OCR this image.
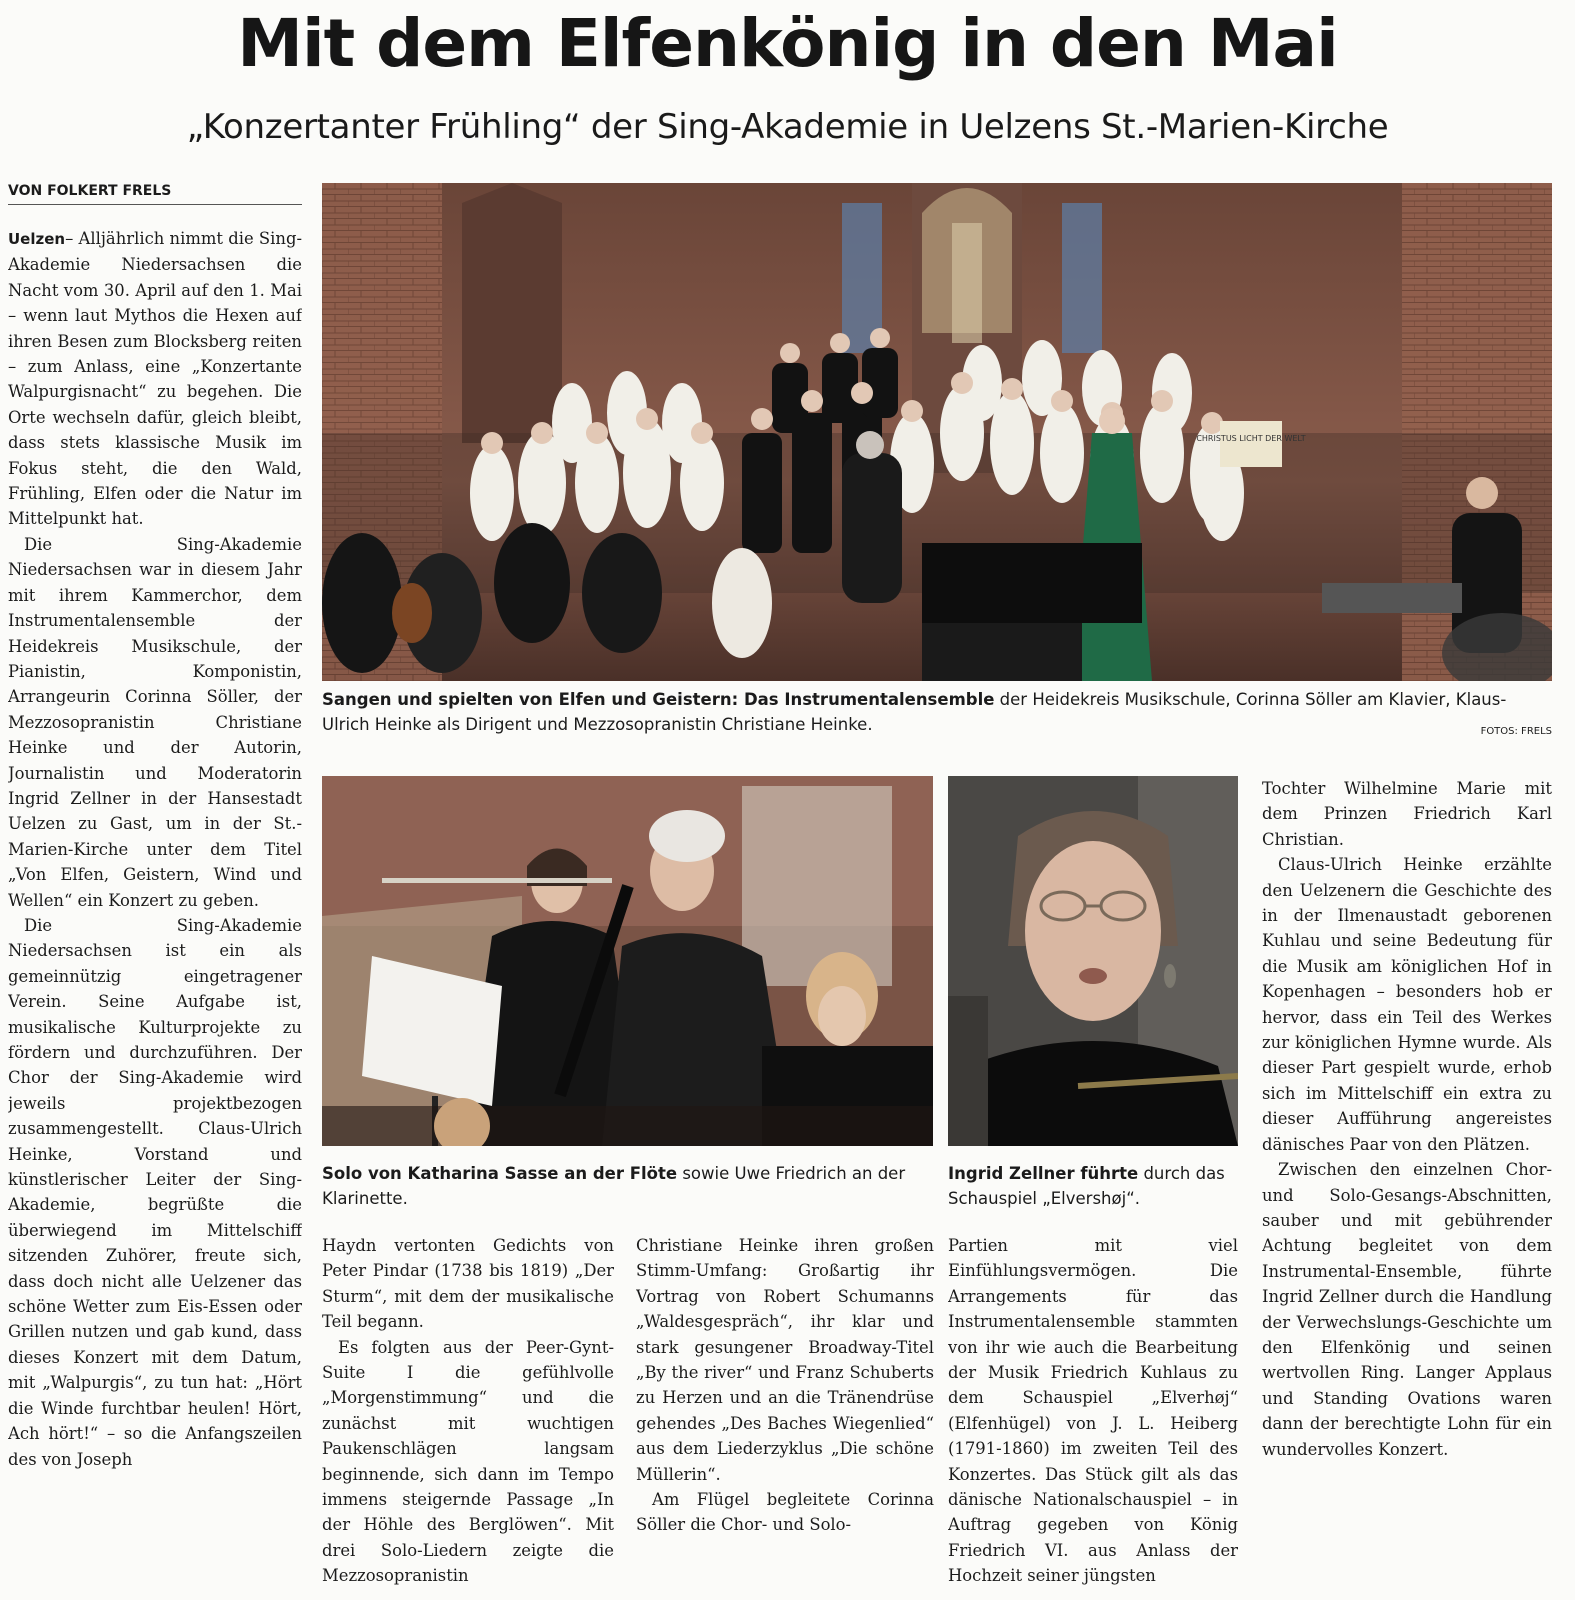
Mit dem Elfenkönig in den Mai
„Konzertanter Frühling“ der Sing-Akademie in Uelzens St.-Marien-Kirche
VON FOLKERT FRELS

Uelzen– Alljährlich nimmt die Sing-Akademie Niedersachsen die Nacht vom 30. April auf den 1. Mai – wenn laut Mythos die Hexen auf ihren Besen zum Blocksberg reiten – zum Anlass, eine „Konzertante Walpurgisnacht“ zu begehen. Die Orte wechseln dafür, gleich bleibt, dass stets klassische Musik im Fokus steht, die den Wald, Frühling, Elfen oder die Natur im Mittelpunkt hat.

Die Sing-Akademie Niedersachsen war in diesem Jahr mit ihrem Kammerchor, dem Instrumentalensemble der Heidekreis Musikschule, der Pianistin, Komponistin, Arrangeurin Corinna Söller, der Mezzosopranistin Christiane Heinke und der Autorin, Journalistin und Moderatorin Ingrid Zellner in der Hansestadt Uelzen zu Gast, um in der St.-Marien-Kirche unter dem Titel „Von Elfen, Geistern, Wind und Wellen“ ein Konzert zu geben.

Die Sing-Akademie Niedersachsen ist ein als gemeinnützig eingetragener Verein. Seine Aufgabe ist, musikalische Kulturprojekte zu fördern und durchzuführen. Der Chor der Sing-Akademie wird jeweils projektbezogen zusammengestellt. Claus-Ulrich Heinke, Vorstand und künstlerischer Leiter der Sing-Akademie, begrüßte die überwiegend im Mittelschiff sitzenden Zuhörer, freute sich, dass doch nicht alle Uelzener das schöne Wetter zum Eis-Essen oder Grillen nutzen und gab kund, dass dieses Konzert mit dem Datum, mit „Walpurgis“, zu tun hat: „Hört die Winde furchtbar heulen! Hört, Ach hört!“ – so die Anfangszeilen des von Joseph

CHRISTUS LICHT DER WELT
Sangen und spielten von Elfen und Geistern: Das Instrumentalensemble der Heidekreis Musikschule, Corinna Söller am Klavier, Klaus-Ulrich Heinke als Dirigent und Mezzosopranistin Christiane Heinke.	FOTOS: FRELS
Solo von Katharina Sasse an der Flöte sowie Uwe Friedrich an der Klarinette.
Ingrid Zellner führte durch das Schauspiel „Elvershøj“.

Haydn vertonten Gedichts von Peter Pindar (1738 bis 1819) „Der Sturm“, mit dem der musikalische Teil begann.

Es folgten aus der Peer-Gynt-Suite I die gefühlvolle „Morgenstimmung“ und die zunächst mit wuchtigen Paukenschlägen langsam beginnende, sich dann im Tempo immens steigernde Passage „In der Höhle des Berglöwen“. Mit drei Solo-Liedern zeigte die Mezzosopranistin

Christiane Heinke ihren großen Stimm-Umfang: Großartig ihr Vortrag von Robert Schumanns „Waldesgespräch“, ihr klar und stark gesungener Broadway-Titel „By the river“ und Franz Schuberts zu Herzen und an die Tränendrüse gehendes „Des Baches Wiegenlied“ aus dem Liederzyklus „Die schöne Müllerin“.

Am Flügel begleitete Corinna Söller die Chor- und Solo-

Partien mit viel Einfühlungsvermögen. Die Arrangements für das Instrumentalensemble stammten von ihr wie auch die Bearbeitung der Musik Friedrich Kuhlaus zu dem Schauspiel „Elverhøj“ (Elfenhügel) von J. L. Heiberg (1791-1860) im zweiten Teil des Konzertes. Das Stück gilt als das dänische Nationalschauspiel – in Auftrag gegeben von König Friedrich VI. aus Anlass der Hochzeit seiner jüngsten

Tochter Wilhelmine Marie mit dem Prinzen Friedrich Karl Christian.

Claus-Ulrich Heinke erzählte den Uelzenern die Geschichte des in der Ilmenaustadt geborenen Kuhlau und seine Bedeutung für die Musik am königlichen Hof in Kopenhagen – besonders hob er hervor, dass ein Teil des Werkes zur königlichen Hymne wurde. Als dieser Part gespielt wurde, erhob sich im Mittelschiff ein extra zu dieser Aufführung angereistes dänisches Paar von den Plätzen.

Zwischen den einzelnen Chor- und Solo-Gesangs-Abschnitten, sauber und mit gebührender Achtung begleitet von dem Instrumental-Ensemble, führte Ingrid Zellner durch die Handlung der Verwechslungs-Geschichte um den Elfenkönig und seinen wertvollen Ring. Langer Applaus und Standing Ovations waren dann der berechtigte Lohn für ein wundervolles Konzert.
